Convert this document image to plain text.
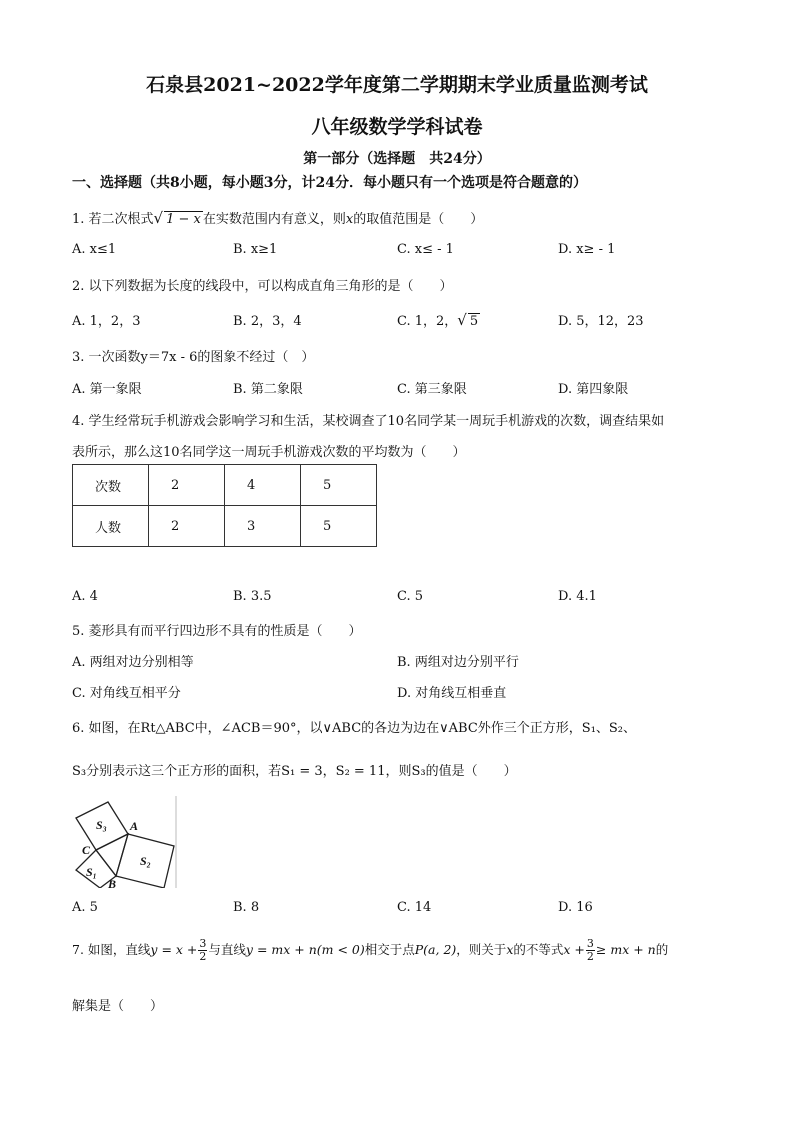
石泉县2021~2022学年度第二学期期末学业质量监测考试
八年级数学学科试卷
第一部分（选择题　共24分）
一、选择题（共8小题，每小题3分，计24分．每小题只有一个选项是符合题意的）
1. 若二次根式√ 1 − x 在实数范围内有意义，则x的取值范围是（　　）
A. x≤1	B. x≥1	C. x≤ - 1	D. x≥ - 1
2. 以下列数据为长度的线段中，可以构成直角三角形的是（　　）
A. 1，2，3	B. 2，3，4	C. 1，2，√ 5	D. 5，12，23
3. 一次函数y＝7x - 6的图象不经过（　）
A. 第一象限	B. 第二象限	C. 第三象限	D. 第四象限
4. 学生经常玩手机游戏会影响学习和生活，某校调查了10名同学某一周玩手机游戏的次数，调查结果如
表所示，那么这10名同学这一周玩手机游戏次数的平均数为（　　）
次数	2	4	5
人数	2	3	5
A. 4	B. 3.5	C. 5	D. 4.1
5. 菱形具有而平行四边形不具有的性质是（　　）
A. 两组对边分别相等	B. 两组对边分别平行
C. 对角线互相平分	D. 对角线互相垂直
6. 如图，在Rt△ABC中，∠ACB＝90°，以∨ABC的各边为边在∨ABC外作三个正方形，S₁、S₂、
S₃分别表示这三个正方形的面积，若S₁ = 3，S₂ = 11，则S₃的值是（　　）
S₃
S₂
S₁
A
B
C
A. 5	B. 8	C. 14	D. 16
7. 如图，直线$y = x + \frac{3}{2}$ 与直线y = mx + n(m < 0)相交于点P(a, 2)，则关于x的不等式$x + \frac{3}{2}$ ≥ mx + n的
解集是（　　）
